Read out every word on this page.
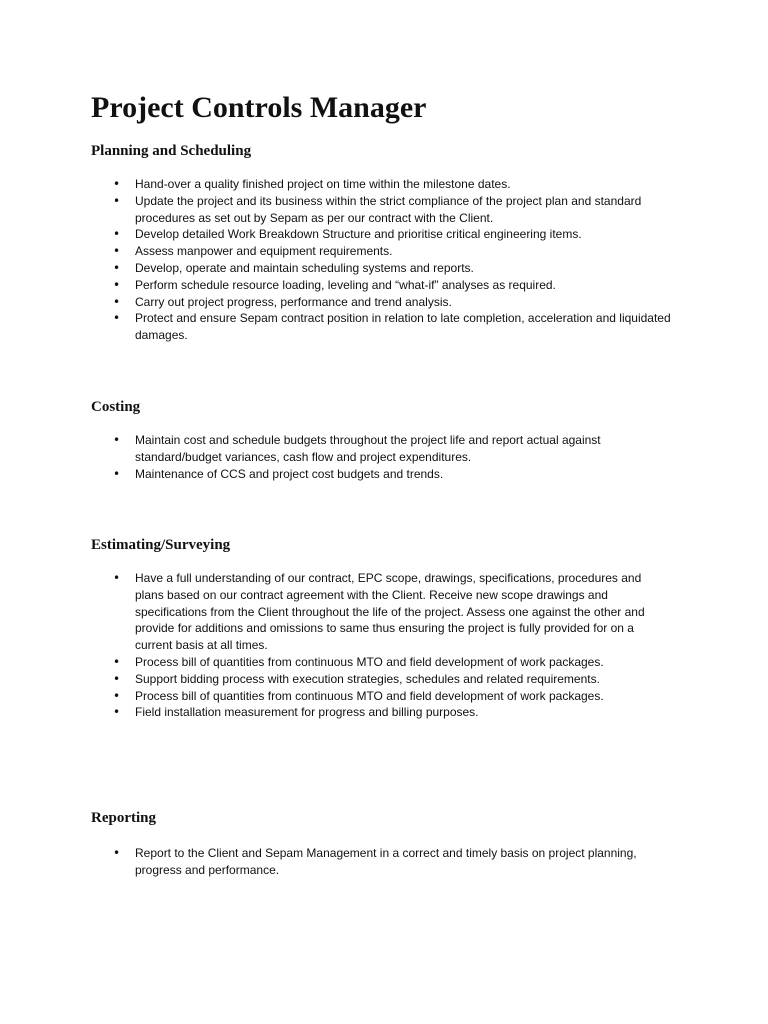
Project Controls Manager
Planning and Scheduling
• Hand-over a quality finished project on time within the milestone dates.
• Update the project and its business within the strict compliance of the project plan and standard procedures as set out by Sepam as per our contract with the Client.
• Develop detailed Work Breakdown Structure and prioritise critical engineering items.
• Assess manpower and equipment requirements.
• Develop, operate and maintain scheduling systems and reports.
• Perform schedule resource loading, leveling and “what-if” analyses as required.
• Carry out project progress, performance and trend analysis.
• Protect and ensure Sepam contract position in relation to late completion, acceleration and liquidated damages.
Costing
• Maintain cost and schedule budgets throughout the project life and report actual against standard/budget variances, cash flow and project expenditures.
• Maintenance of CCS and project cost budgets and trends.
Estimating/Surveying
• Have a full understanding of our contract, EPC scope, drawings, specifications, procedures and plans based on our contract agreement with the Client. Receive new scope drawings and specifications from the Client throughout the life of the project. Assess one against the other and provide for additions and omissions to same thus ensuring the project is fully provided for on a current basis at all times.
• Process bill of quantities from continuous MTO and field development of work packages.
• Support bidding process with execution strategies, schedules and related requirements.
• Process bill of quantities from continuous MTO and field development of work packages.
• Field installation measurement for progress and billing purposes.
Reporting
• Report to the Client and Sepam Management in a correct and timely basis on project planning, progress and performance.
